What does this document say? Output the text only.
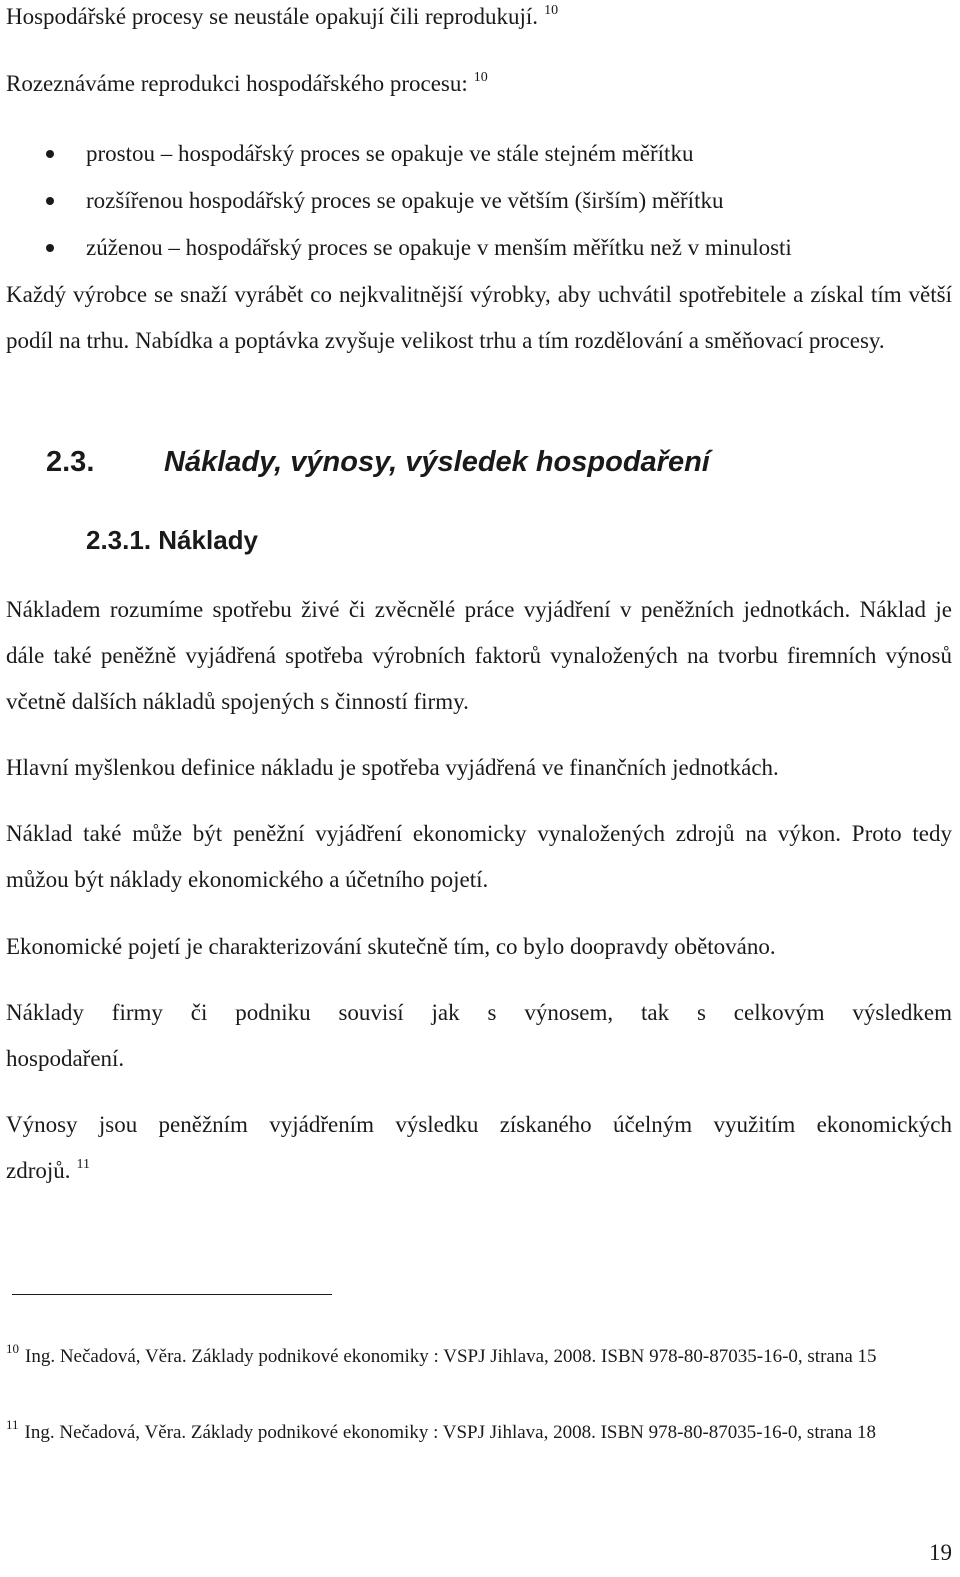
Hospodářské procesy se neustále opakují čili reprodukují. $^{10}$

Rozeznáváme reprodukci hospodářského procesu: $^{10}$

prostou – hospodářský proces se opakuje ve stále stejném měřítku
rozšířenou hospodářský proces se opakuje ve větším (širším) měřítku
zúženou – hospodářský proces se opakuje v menším měřítku než v minulosti

Každý výrobce se snaží vyrábět co nejkvalitnější výrobky, aby uchvátil spotřebitele a získal tím větší podíl na trhu. Nabídka a poptávka zvyšuje velikost trhu a tím rozdělování a směňovací procesy.

2.3. Náklady, výnosy, výsledek hospodaření
2.3.1. Náklady

Nákladem rozumíme spotřebu živé či zvěcnělé práce vyjádření v peněžních jednotkách. Náklad je dále také peněžně vyjádřená spotřeba výrobních faktorů vynaložených na tvorbu firemních výnosů včetně dalších nákladů spojených s činností firmy.

Hlavní myšlenkou definice nákladu je spotřeba vyjádřená ve finančních jednotkách.

Náklad také může být peněžní vyjádření ekonomicky vynaložených zdrojů na výkon. Proto tedy můžou být náklady ekonomického a účetního pojetí.

Ekonomické pojetí je charakterizování skutečně tím, co bylo doopravdy obětováno.

Náklady firmy či podniku souvisí jak s výnosem, tak s celkovým výsledkem hospodaření.

Výnosy jsou peněžním vyjádřením výsledku získaného účelným využitím ekonomických zdrojů. $^{11}$

$^{10}$ Ing. Nečadová, Věra. Základy podnikové ekonomiky : VSPJ Jihlava, 2008. ISBN 978-80-87035-16-0, strana 15

$^{11}$ Ing. Nečadová, Věra. Základy podnikové ekonomiky : VSPJ Jihlava, 2008. ISBN 978-80-87035-16-0, strana 18

19
